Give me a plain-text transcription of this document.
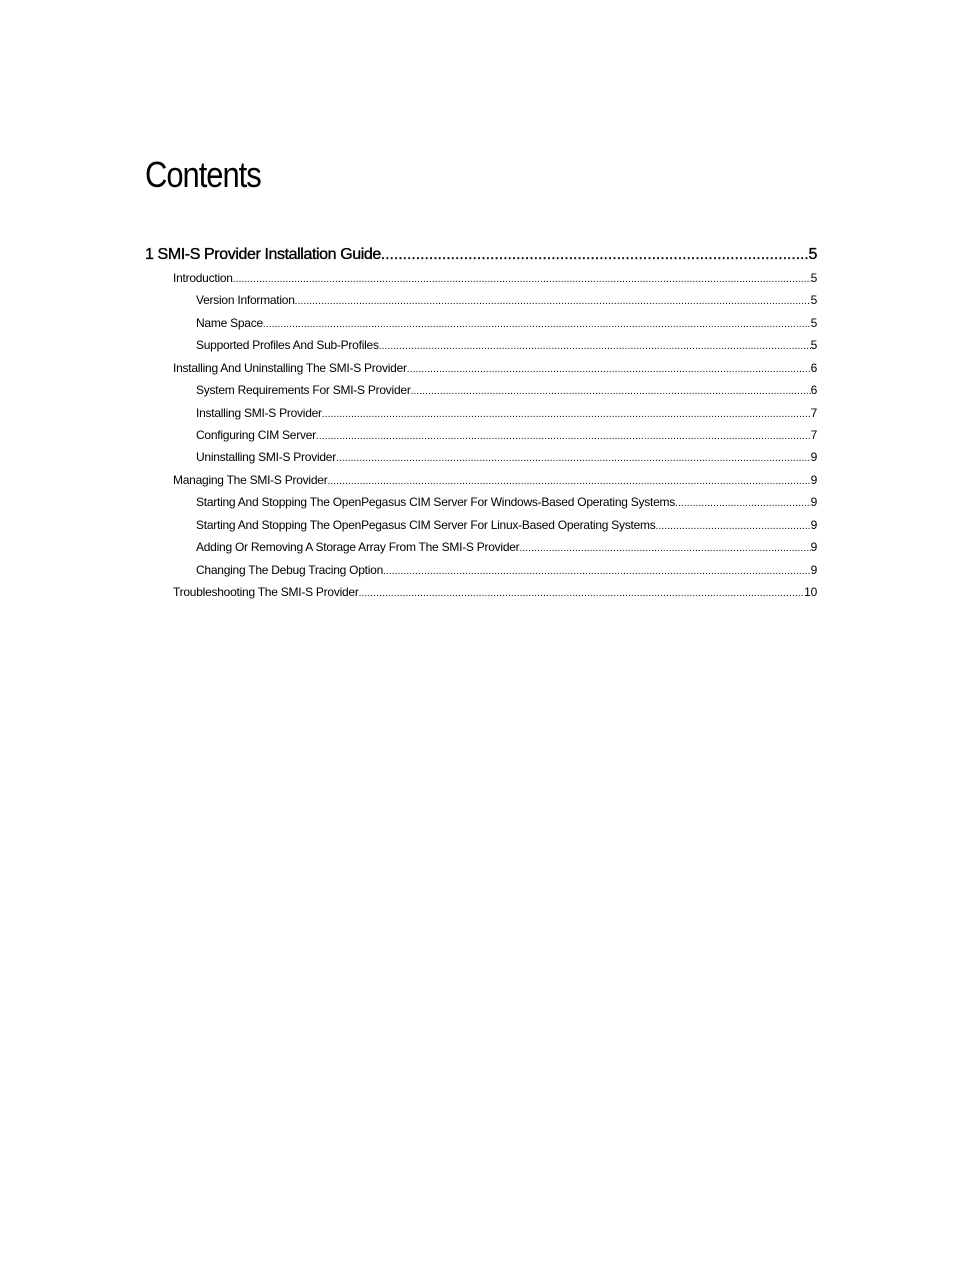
Contents
1 SMI-S Provider Installation Guide .....	5
Introduction .....	5
Version Information .....	5
Name Space .....	5
Supported Profiles And Sub-Profiles .....	5
Installing And Uninstalling The SMI-S Provider .....	6
System Requirements For SMI-S Provider .....	6
Installing SMI-S Provider .....	7
Configuring CIM Server .....	7
Uninstalling SMI-S Provider .....	9
Managing The SMI-S Provider .....	9
Starting And Stopping The OpenPegasus CIM Server For Windows-Based Operating Systems .....	9
Starting And Stopping The OpenPegasus CIM Server For Linux-Based Operating Systems .....	9
Adding Or Removing A Storage Array From The SMI-S Provider .....	9
Changing The Debug Tracing Option .....	9
Troubleshooting The SMI-S Provider .....	10
